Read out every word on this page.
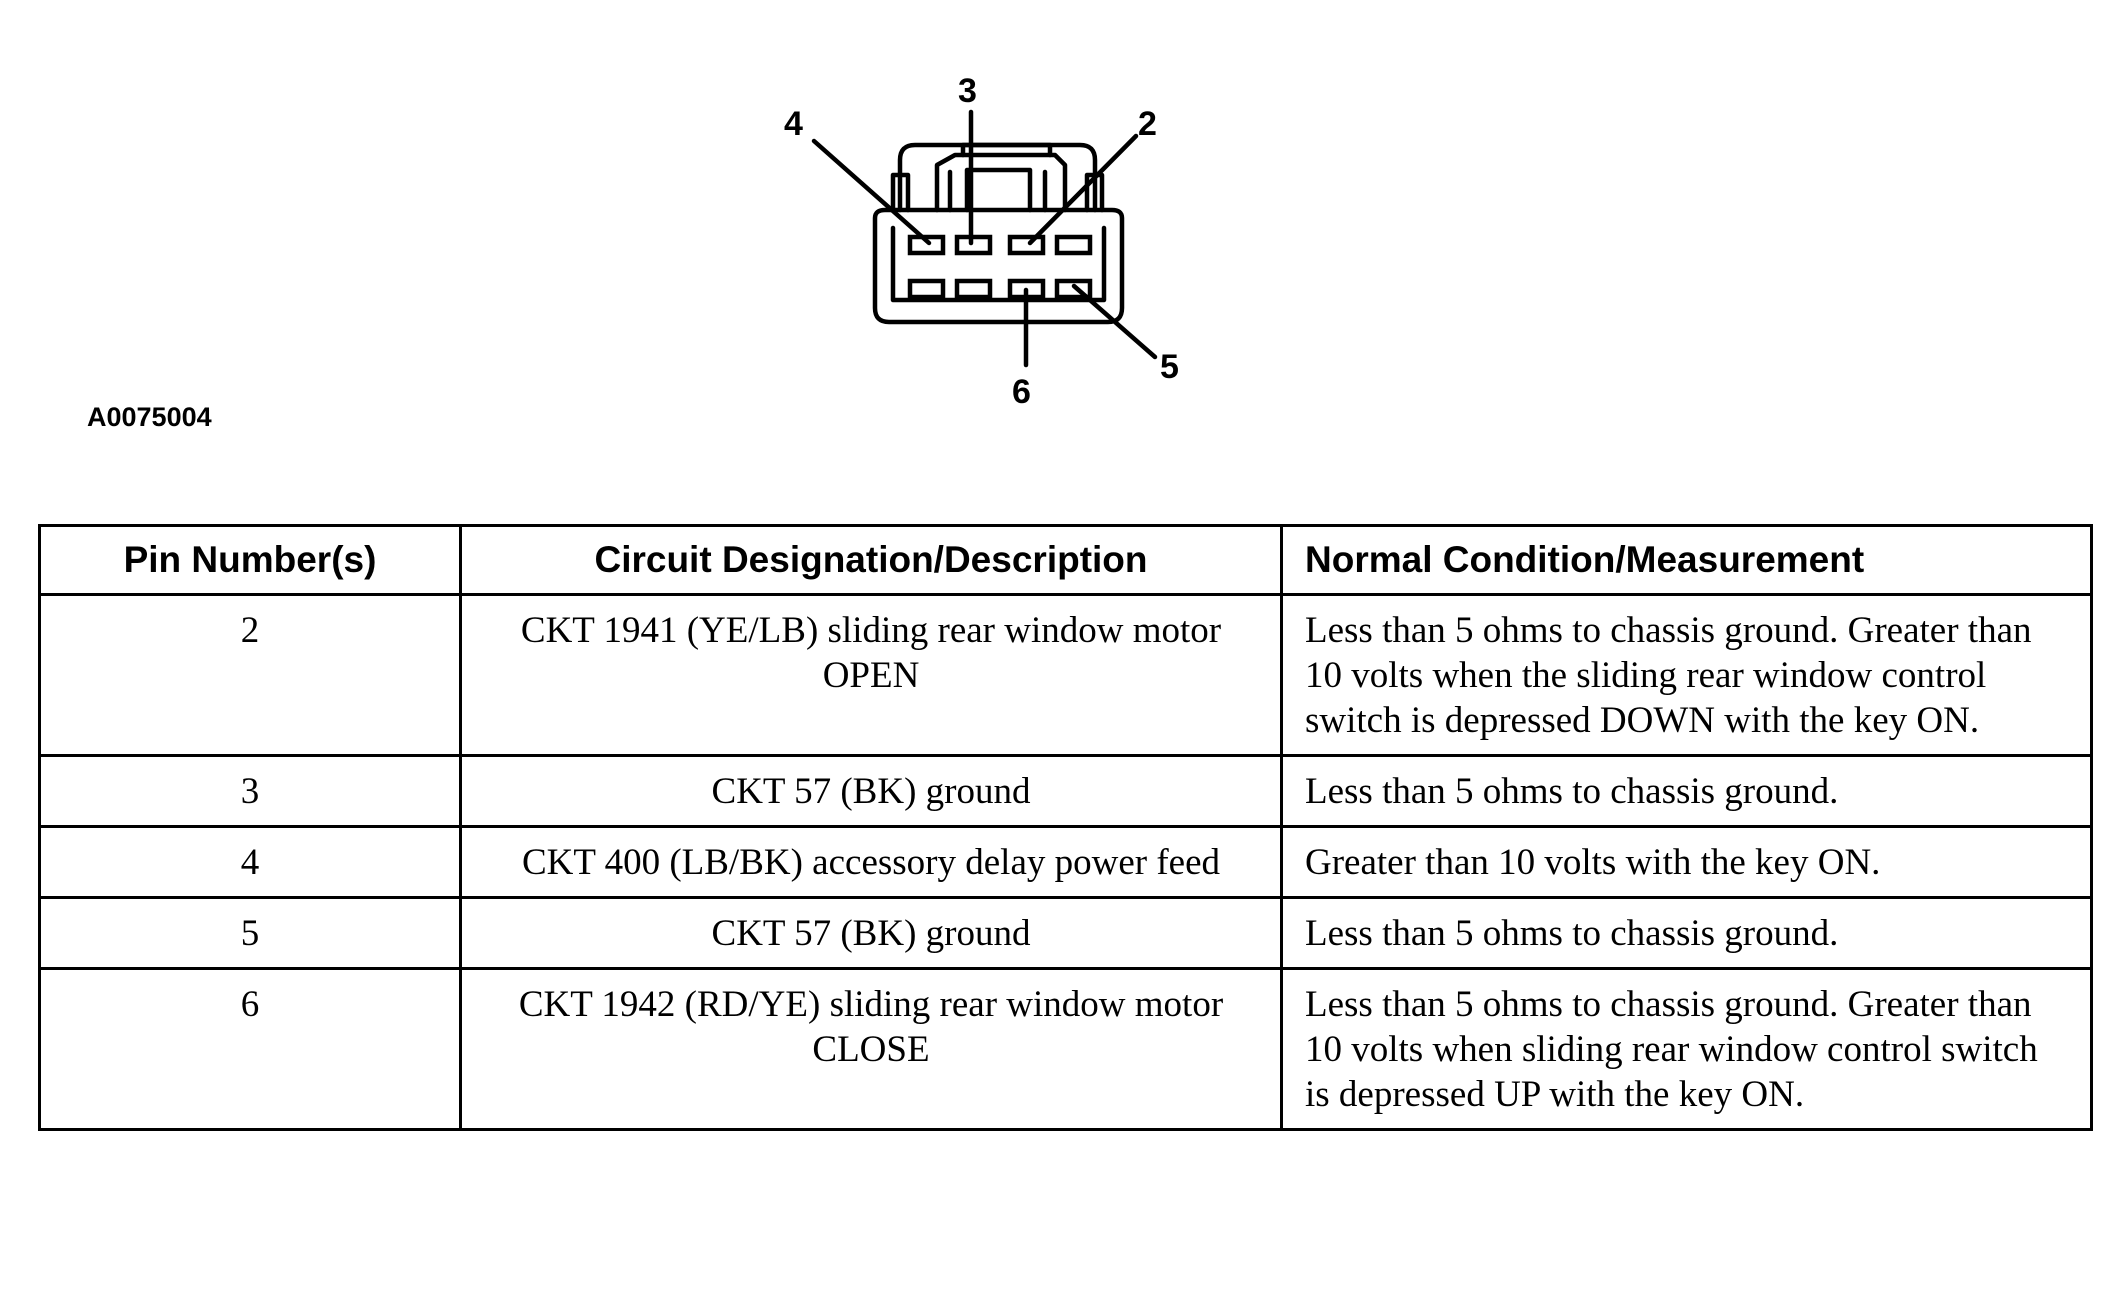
4
3
2
5
6
A0075004
Pin Number(s)	Circuit Designation/Description	Normal Condition/Measurement
2	CKT 1941 (YE/LB) sliding rear window motor OPEN	Less than 5 ohms to chassis ground. Greater than 10 volts when the sliding rear window control switch is depressed DOWN with the key ON.
3	CKT 57 (BK) ground	Less than 5 ohms to chassis ground.
4	CKT 400 (LB/BK) accessory delay power feed	Greater than 10 volts with the key ON.
5	CKT 57 (BK) ground	Less than 5 ohms to chassis ground.
6	CKT 1942 (RD/YE) sliding rear window motor CLOSE	Less than 5 ohms to chassis ground. Greater than 10 volts when sliding rear window control switch is depressed UP with the key ON.
